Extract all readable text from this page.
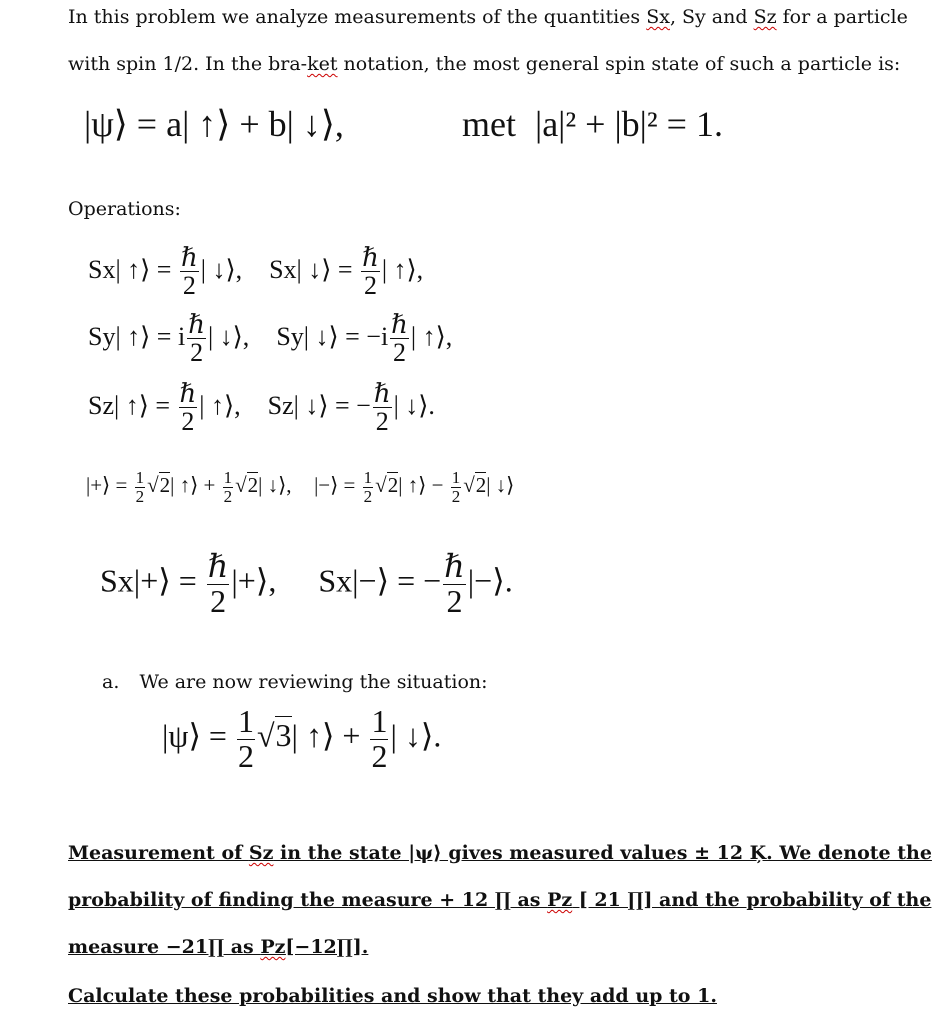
In this problem we analyze measurements of the quantities Sx, Sy and Sz for a particle
with spin 1/2. In the bra-ket notation, the most general spin state of such a particle is:
|ψ⟩ = a| ↑⟩ + b| ↓⟩,	met |a|² + |b|² = 1.
Operations:
Sx| ↑⟩ = $\frac{\text{ℏ}}{2}$ | ↓⟩, Sx| ↓⟩ = $\frac{\text{ℏ}}{2}$ | ↑⟩,
Sy| ↑⟩ = i $\frac{\text{ℏ}}{2}$ | ↓⟩, Sy| ↓⟩ = $-i \frac{\text{ℏ}}{2}$ | ↑⟩,
Sz| ↑⟩ = $\frac{\text{ℏ}}{2}$ | ↑⟩, Sz| ↓⟩ = − $\frac{\text{ℏ}}{2}$ | ↓⟩.
|+⟩ = $\frac{1}{2} √2|$ ↑⟩ + $\frac{1}{2} √2|$ ↓⟩, |−⟩ = $\frac{1}{2} √2|$ ↑⟩ − $\frac{1}{2} √2|$ ↓⟩
Sx|+⟩ = $\frac{\text{ℏ}}{2}$ |+⟩, Sx|−⟩ = − $\frac{\text{ℏ}}{2}$ |−⟩.
a. We are now reviewing the situation:
|ψ⟩ = $\frac{1}{2} √3|$ ↑⟩ + $\frac{1}{2}$ | ↓⟩.
Measurement of Sz in the state |ψ⟩ gives measured values ± 12 Ķ. We denote the
probability of finding the measure + 12 ∏ as Pz [ 21 ∏] and the probability of the
measure −21∏ as Pz[−12∏].
Calculate these probabilities and show that they add up to 1.
